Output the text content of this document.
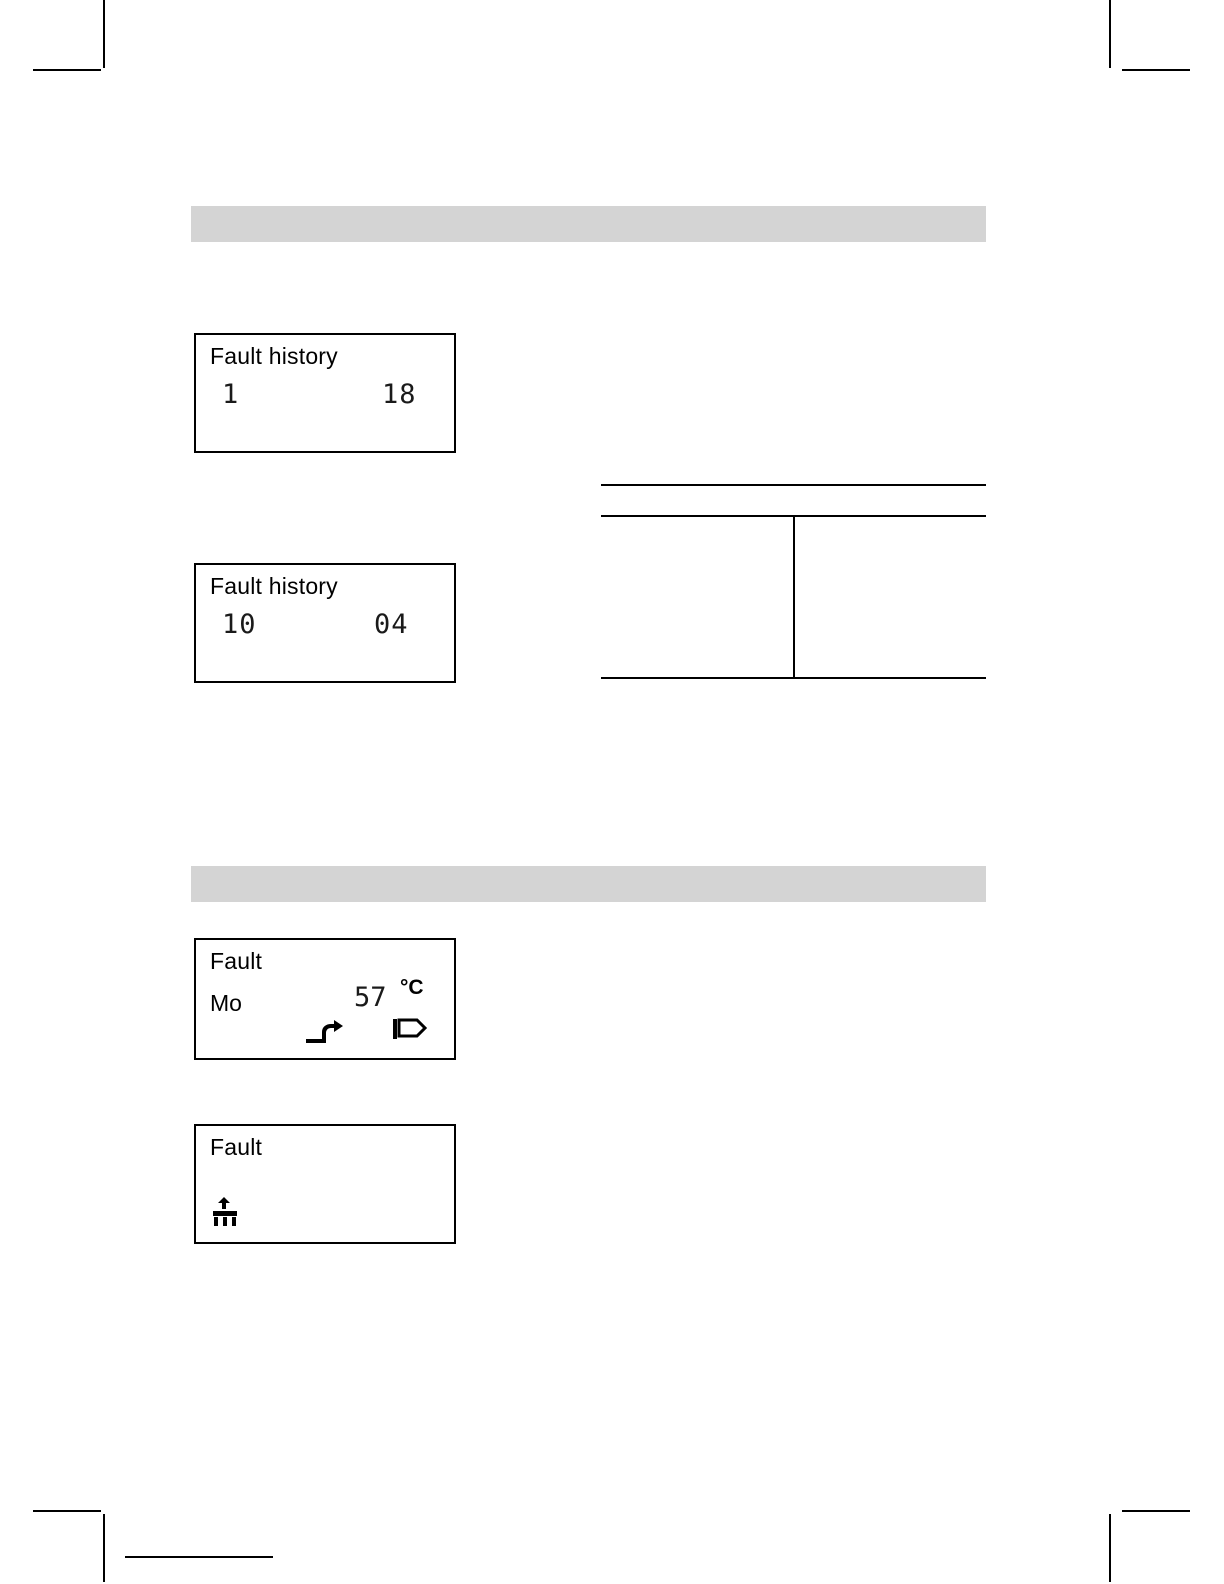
Fault history
1	18
Fault history
10	04
Fault
Mo	57 °C
Fault
